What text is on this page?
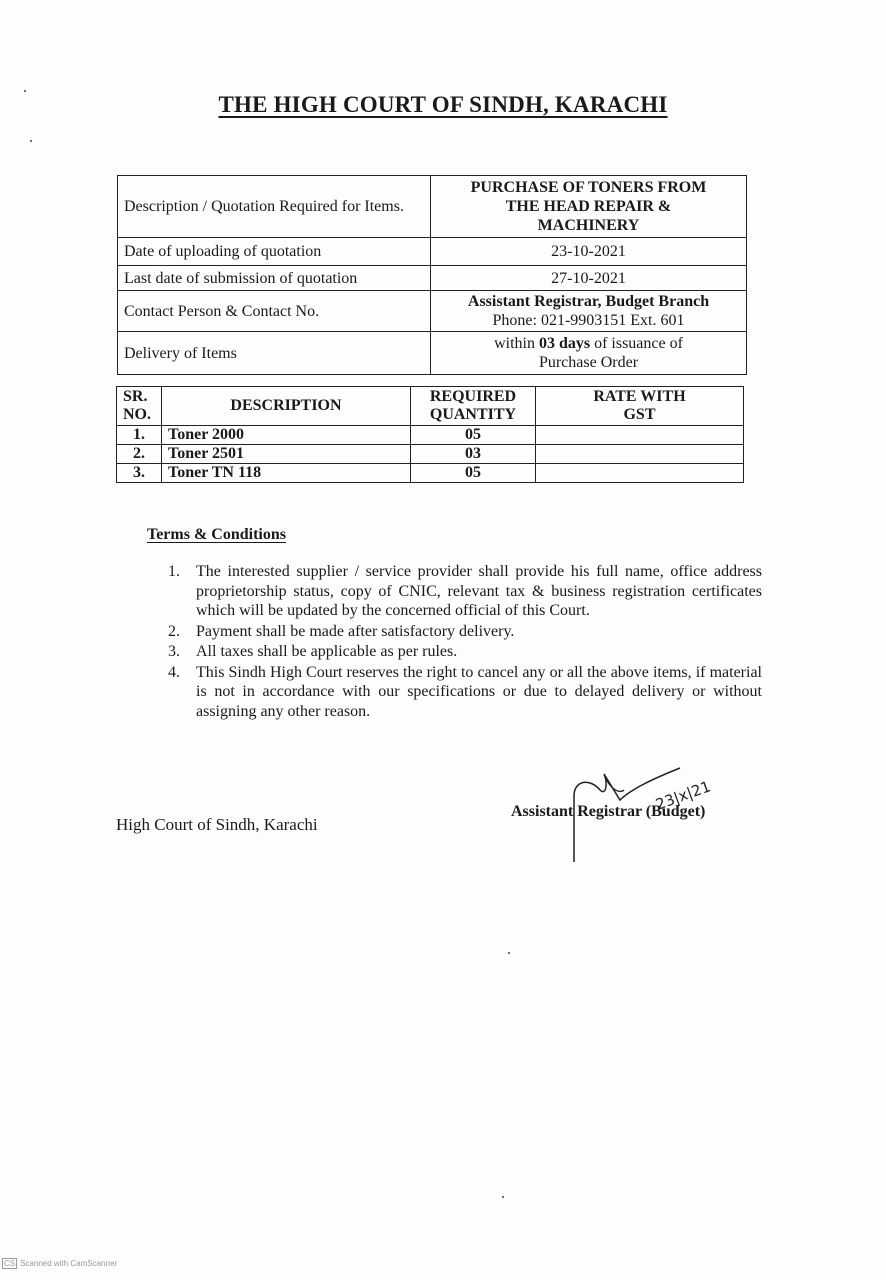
THE HIGH COURT OF SINDH, KARACHI
Description / Quotation Required for Items.	PURCHASE OF TONERS FROM THE HEAD REPAIR & MACHINERY
Date of uploading of quotation	23-10-2021
Last date of submission of quotation	27-10-2021
Contact Person & Contact No.	Assistant Registrar, Budget Branch
Phone: 021-9903151 Ext. 601

Delivery of Items	within 03 days of issuance of Purchase Order
SR. NO.	DESCRIPTION	REQUIRED QUANTITY	RATE WITH GST
1.	Toner 2000	05	
2.	Toner 2501	03	
3.	Toner TN 118	05	
Terms & Conditions
1. The interested supplier / service provider shall provide his full name, office address proprietorship status, copy of CNIC, relevant tax & business registration certificates which will be updated by the concerned official of this Court.
2. Payment shall be made after satisfactory delivery.
3. All taxes shall be applicable as per rules.
4. This Sindh High Court reserves the right to cancel any or all the above items, if material is not in accordance with our specifications or due to delayed delivery or without assigning any other reason.
High Court of Sindh, Karachi
23|x|21
Assistant Registrar (Budget)
CS Scanned with CamScanner
